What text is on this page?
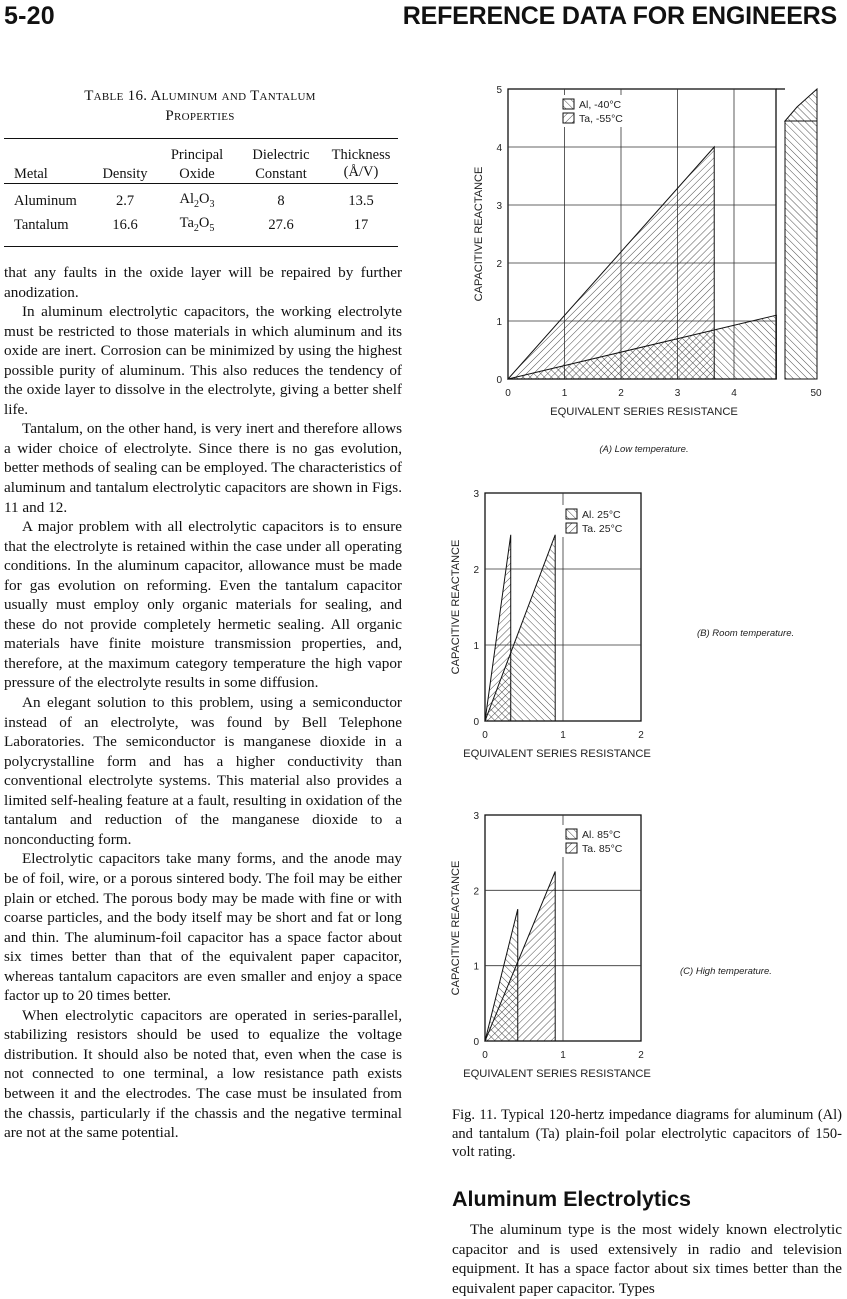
5-20	REFERENCE DATA FOR ENGINEERS
Table 16. Aluminum and Tantalum
Properties
		Principal	Dielectric	Thickness
Metal	Density	Oxide	Constant	(Å/V)
Aluminum	2.7	$Al_2O_3$	8	13.5
Tantalum	16.6	$Ta_2O_5$	27.6	17

that any faults in the oxide layer will be repaired by further anodization.

In aluminum electrolytic capacitors, the working electrolyte must be restricted to those materials in which aluminum and its oxide are inert. Corrosion can be minimized by using the highest possible purity of aluminum. This also reduces the tendency of the oxide layer to dissolve in the electrolyte, giving a better shelf life.

Tantalum, on the other hand, is very inert and therefore allows a wider choice of electrolyte. Since there is no gas evolution, better methods of sealing can be employed. The characteristics of aluminum and tantalum electrolytic capacitors are shown in Figs. 11 and 12.

A major problem with all electrolytic capacitors is to ensure that the electrolyte is retained within the case under all operating conditions. In the aluminum capacitor, allowance must be made for gas evolution on reforming. Even the tantalum capacitor usually must employ only organic materials for sealing, and these do not provide completely hermetic sealing. All organic materials have finite moisture transmission properties, and, therefore, at the maximum category temperature the high vapor pressure of the electrolyte results in some diffusion.

An elegant solution to this problem, using a semiconductor instead of an electrolyte, was found by Bell Telephone Laboratories. The semiconductor is manganese dioxide in a polycrystalline form and has a higher conductivity than conventional electrolyte systems. This material also provides a limited self-healing feature at a fault, resulting in oxidation of the tantalum and reduction of the manganese dioxide to a nonconducting form.

Electrolytic capacitors take many forms, and the anode may be of foil, wire, or a porous sintered body. The foil may be either plain or etched. The porous body may be made with fine or with coarse particles, and the body itself may be short and fat or long and thin. The aluminum-foil capacitor has a space factor about six times better than that of the equivalent paper capacitor, whereas tantalum capacitors are even smaller and enjoy a space factor up to 20 times better.

When electrolytic capacitors are operated in series-parallel, stabilizing resistors should be used to equalize the voltage distribution. It should also be noted that, even when the case is not connected to one terminal, a low resistance path exists between it and the electrodes. The case must be insulated from the chassis, particularly if the chassis and the negative terminal are not at the same potential.

0
1
2
3
4
5
0	1	2	3	4	50
EQUIVALENT SERIES RESISTANCE
CAPACITIVE REACTANCE
Al, -40°C
Ta, -55°C
(A) Low temperature.
0
1
2
3
0	1	2
EQUIVALENT SERIES RESISTANCE
CAPACITIVE REACTANCE
Al. 25°C
Ta. 25°C
(B) Room temperature.
0
1
2
3
0	1	2
EQUIVALENT SERIES RESISTANCE
CAPACITIVE REACTANCE
Al. 85°C
Ta. 85°C
(C) High temperature.
Fig. 11. Typical 120-hertz impedance diagrams for aluminum (Al) and tantalum (Ta) plain-foil polar electrolytic capacitors of 150-volt rating.
Aluminum Electrolytics

The aluminum type is the most widely known electrolytic capacitor and is used extensively in radio and television equipment. It has a space factor about six times better than the equivalent paper capacitor. Types
